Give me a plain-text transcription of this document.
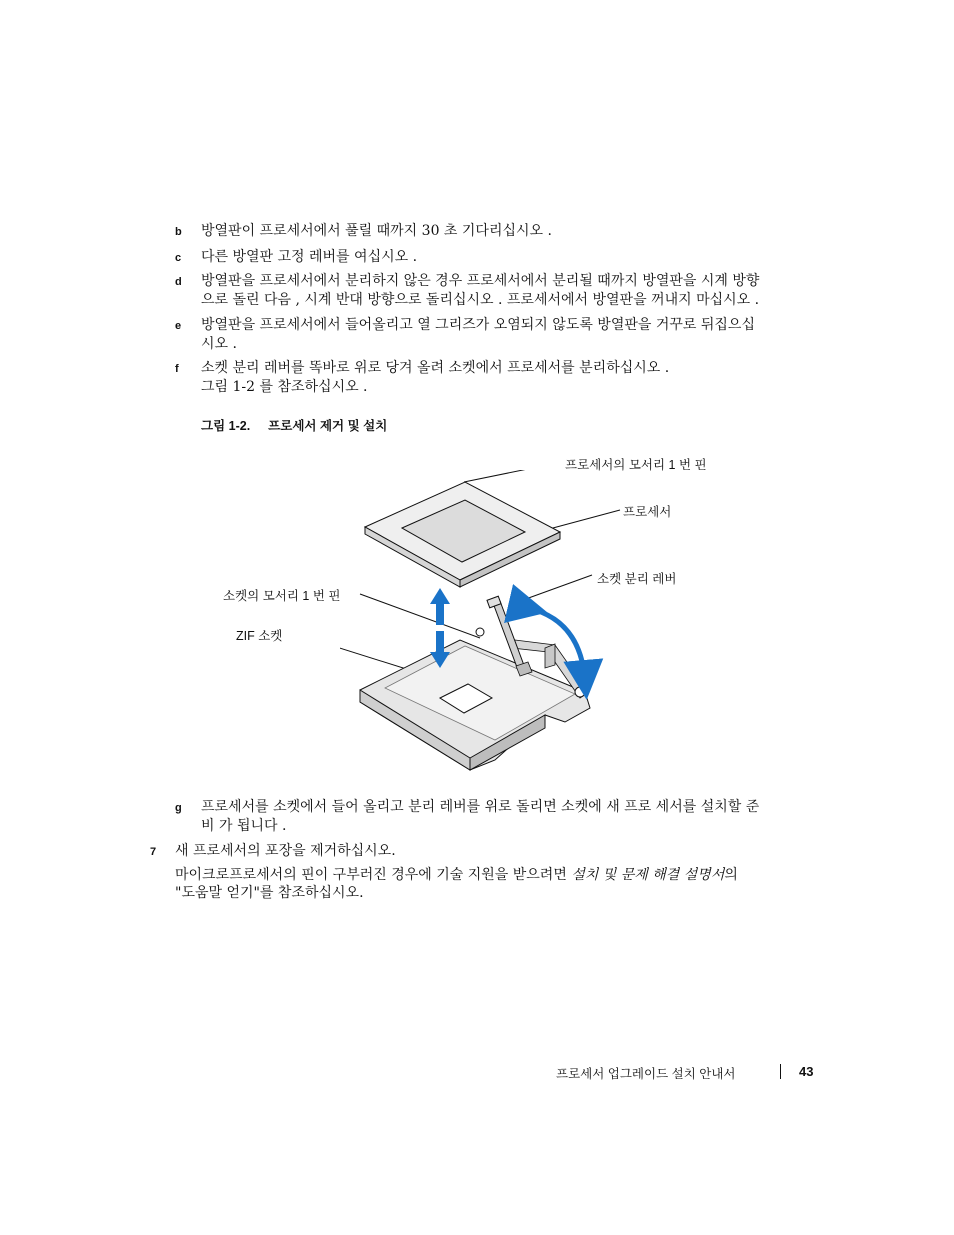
b 방열판이 프로세서에서 풀릴 때까지 30 초 기다리십시오 .
c 다른 방열판 고정 레버를 여십시오 .
d 방열판을 프로세서에서 분리하지 않은 경우 프로세서에서 분리될 때까지 방열판을 시계 방향
으로 돌린 다음 , 시계 반대 방향으로 돌리십시오 . 프로세서에서 방열판을 꺼내지 마십시오 .
e 방열판을 프로세서에서 들어올리고 열 그리즈가 오염되지 않도록 방열판을 거꾸로 뒤집으십
시오 .
f 소켓 분리 레버를 똑바로 위로 당겨 올려 소켓에서 프로세서를 분리하십시오 .
그림 1-2 를 참조하십시오 .
그림 1-2. 프로세서 제거 및 설치
프로세서의 모서리 1 번 핀
프로세서
소켓 분리 레버
소켓의 모서리 1 번 핀
ZIF 소켓
g 프로세서를 소켓에서 들어 올리고 분리 레버를 위로 돌리면 소켓에 새 프로 세서를 설치할 준
비 가 됩니다 .
7 새 프로세서의 포장을 제거하십시오.
마이크로프로세서의 핀이 구부러진 경우에 기술 지원을 받으려면 설치 및 문제 해결 설명서의
"도움말 얻기"를 참조하십시오.
프로세서 업그레이드 설치 안내서	43
